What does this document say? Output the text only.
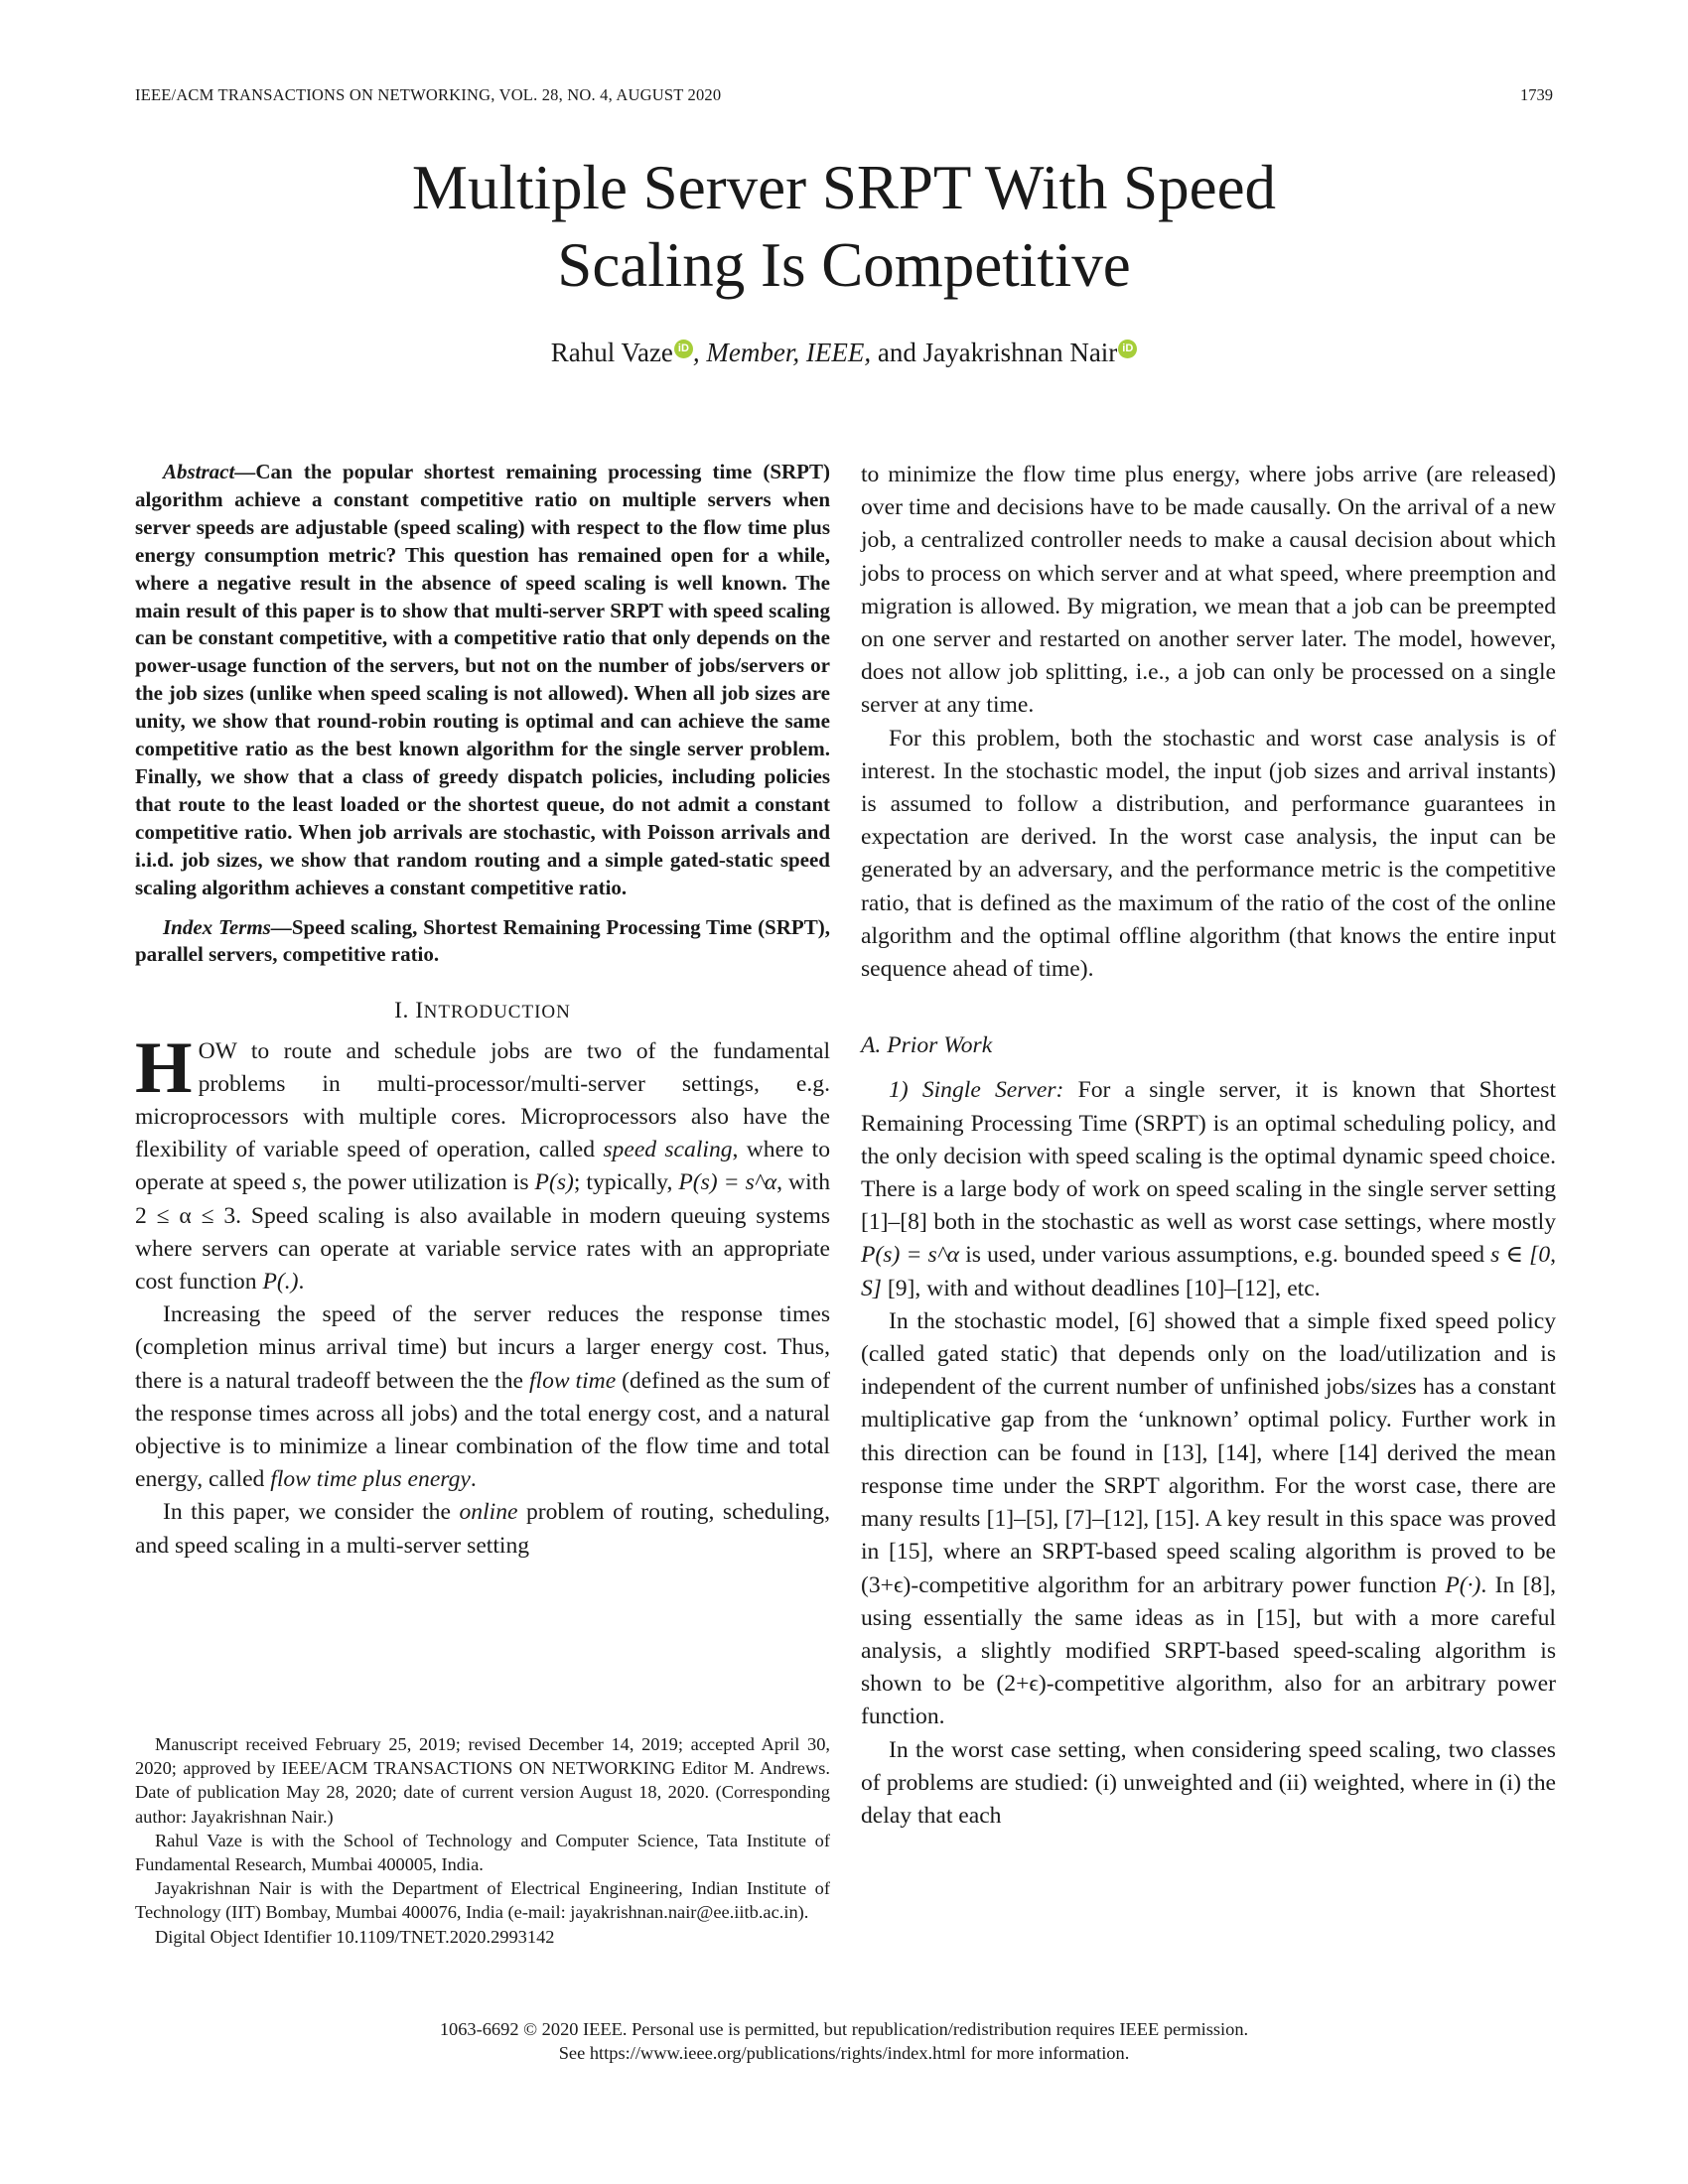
IEEE/ACM TRANSACTIONS ON NETWORKING, VOL. 28, NO. 4, AUGUST 2020	1739
Multiple Server SRPT With Speed
Scaling Is Competitive
Rahul Vaze iD , Member, IEEE, and Jayakrishnan Nair iD

Abstract—Can the popular shortest remaining processing time (SRPT) algorithm achieve a constant competitive ratio on multiple servers when server speeds are adjustable (speed scaling) with respect to the flow time plus energy consumption metric? This question has remained open for a while, where a negative result in the absence of speed scaling is well known. The main result of this paper is to show that multi-server SRPT with speed scaling can be constant competitive, with a competitive ratio that only depends on the power-usage function of the servers, but not on the number of jobs/servers or the job sizes (unlike when speed scaling is not allowed). When all job sizes are unity, we show that round-robin routing is optimal and can achieve the same competitive ratio as the best known algorithm for the single server problem. Finally, we show that a class of greedy dispatch policies, including policies that route to the least loaded or the shortest queue, do not admit a constant competitive ratio. When job arrivals are stochastic, with Poisson arrivals and i.i.d. job sizes, we show that random routing and a simple gated-static speed scaling algorithm achieves a constant competitive ratio.

Index Terms—Speed scaling, Shortest Remaining Processing Time (SRPT), parallel servers, competitive ratio.

I. INTRODUCTION

HOW to route and schedule jobs are two of the fundamental problems in multi-processor/multi-server settings, e.g. microprocessors with multiple cores. Microprocessors also have the flexibility of variable speed of operation, called speed scaling, where to operate at speed s, the power utilization is P(s); typically, P(s) = s^α, with 2 ≤ α ≤ 3. Speed scaling is also available in modern queuing systems where servers can operate at variable service rates with an appropriate cost function P(.).

Increasing the speed of the server reduces the response times (completion minus arrival time) but incurs a larger energy cost. Thus, there is a natural tradeoff between the the flow time (defined as the sum of the response times across all jobs) and the total energy cost, and a natural objective is to minimize a linear combination of the flow time and total energy, called flow time plus energy.

In this paper, we consider the online problem of routing, scheduling, and speed scaling in a multi-server setting

Manuscript received February 25, 2019; revised December 14, 2019; accepted April 30, 2020; approved by IEEE/ACM TRANSACTIONS ON NETWORKING Editor M. Andrews. Date of publication May 28, 2020; date of current version August 18, 2020. (Corresponding author: Jayakrishnan Nair.)

Rahul Vaze is with the School of Technology and Computer Science, Tata Institute of Fundamental Research, Mumbai 400005, India.

Jayakrishnan Nair is with the Department of Electrical Engineering, Indian Institute of Technology (IIT) Bombay, Mumbai 400076, India (e-mail: jayakrishnan.nair@ee.iitb.ac.in).

Digital Object Identifier 10.1109/TNET.2020.2993142

to minimize the flow time plus energy, where jobs arrive (are released) over time and decisions have to be made causally. On the arrival of a new job, a centralized controller needs to make a causal decision about which jobs to process on which server and at what speed, where preemption and migration is allowed. By migration, we mean that a job can be preempted on one server and restarted on another server later. The model, however, does not allow job splitting, i.e., a job can only be processed on a single server at any time.

For this problem, both the stochastic and worst case analysis is of interest. In the stochastic model, the input (job sizes and arrival instants) is assumed to follow a distribution, and performance guarantees in expectation are derived. In the worst case analysis, the input can be generated by an adversary, and the performance metric is the competitive ratio, that is defined as the maximum of the ratio of the cost of the online algorithm and the optimal offline algorithm (that knows the entire input sequence ahead of time).

A. Prior Work

1) Single Server: For a single server, it is known that Shortest Remaining Processing Time (SRPT) is an optimal scheduling policy, and the only decision with speed scaling is the optimal dynamic speed choice. There is a large body of work on speed scaling in the single server setting [1]–[8] both in the stochastic as well as worst case settings, where mostly P(s) = s^α is used, under various assumptions, e.g. bounded speed s ∈ [0, S] [9], with and without deadlines [10]–[12], etc.

In the stochastic model, [6] showed that a simple fixed speed policy (called gated static) that depends only on the load/utilization and is independent of the current number of unfinished jobs/sizes has a constant multiplicative gap from the ‘unknown’ optimal policy. Further work in this direction can be found in [13], [14], where [14] derived the mean response time under the SRPT algorithm. For the worst case, there are many results [1]–[5], [7]–[12], [15]. A key result in this space was proved in [15], where an SRPT-based speed scaling algorithm is proved to be (3+ϵ)-competitive algorithm for an arbitrary power function P(·). In [8], using essentially the same ideas as in [15], but with a more careful analysis, a slightly modified SRPT-based speed-scaling algorithm is shown to be (2+ϵ)-competitive algorithm, also for an arbitrary power function.

In the worst case setting, when considering speed scaling, two classes of problems are studied: (i) unweighted and (ii) weighted, where in (i) the delay that each

1063-6692 © 2020 IEEE. Personal use is permitted, but republication/redistribution requires IEEE permission.
See https://www.ieee.org/publications/rights/index.html for more information.
